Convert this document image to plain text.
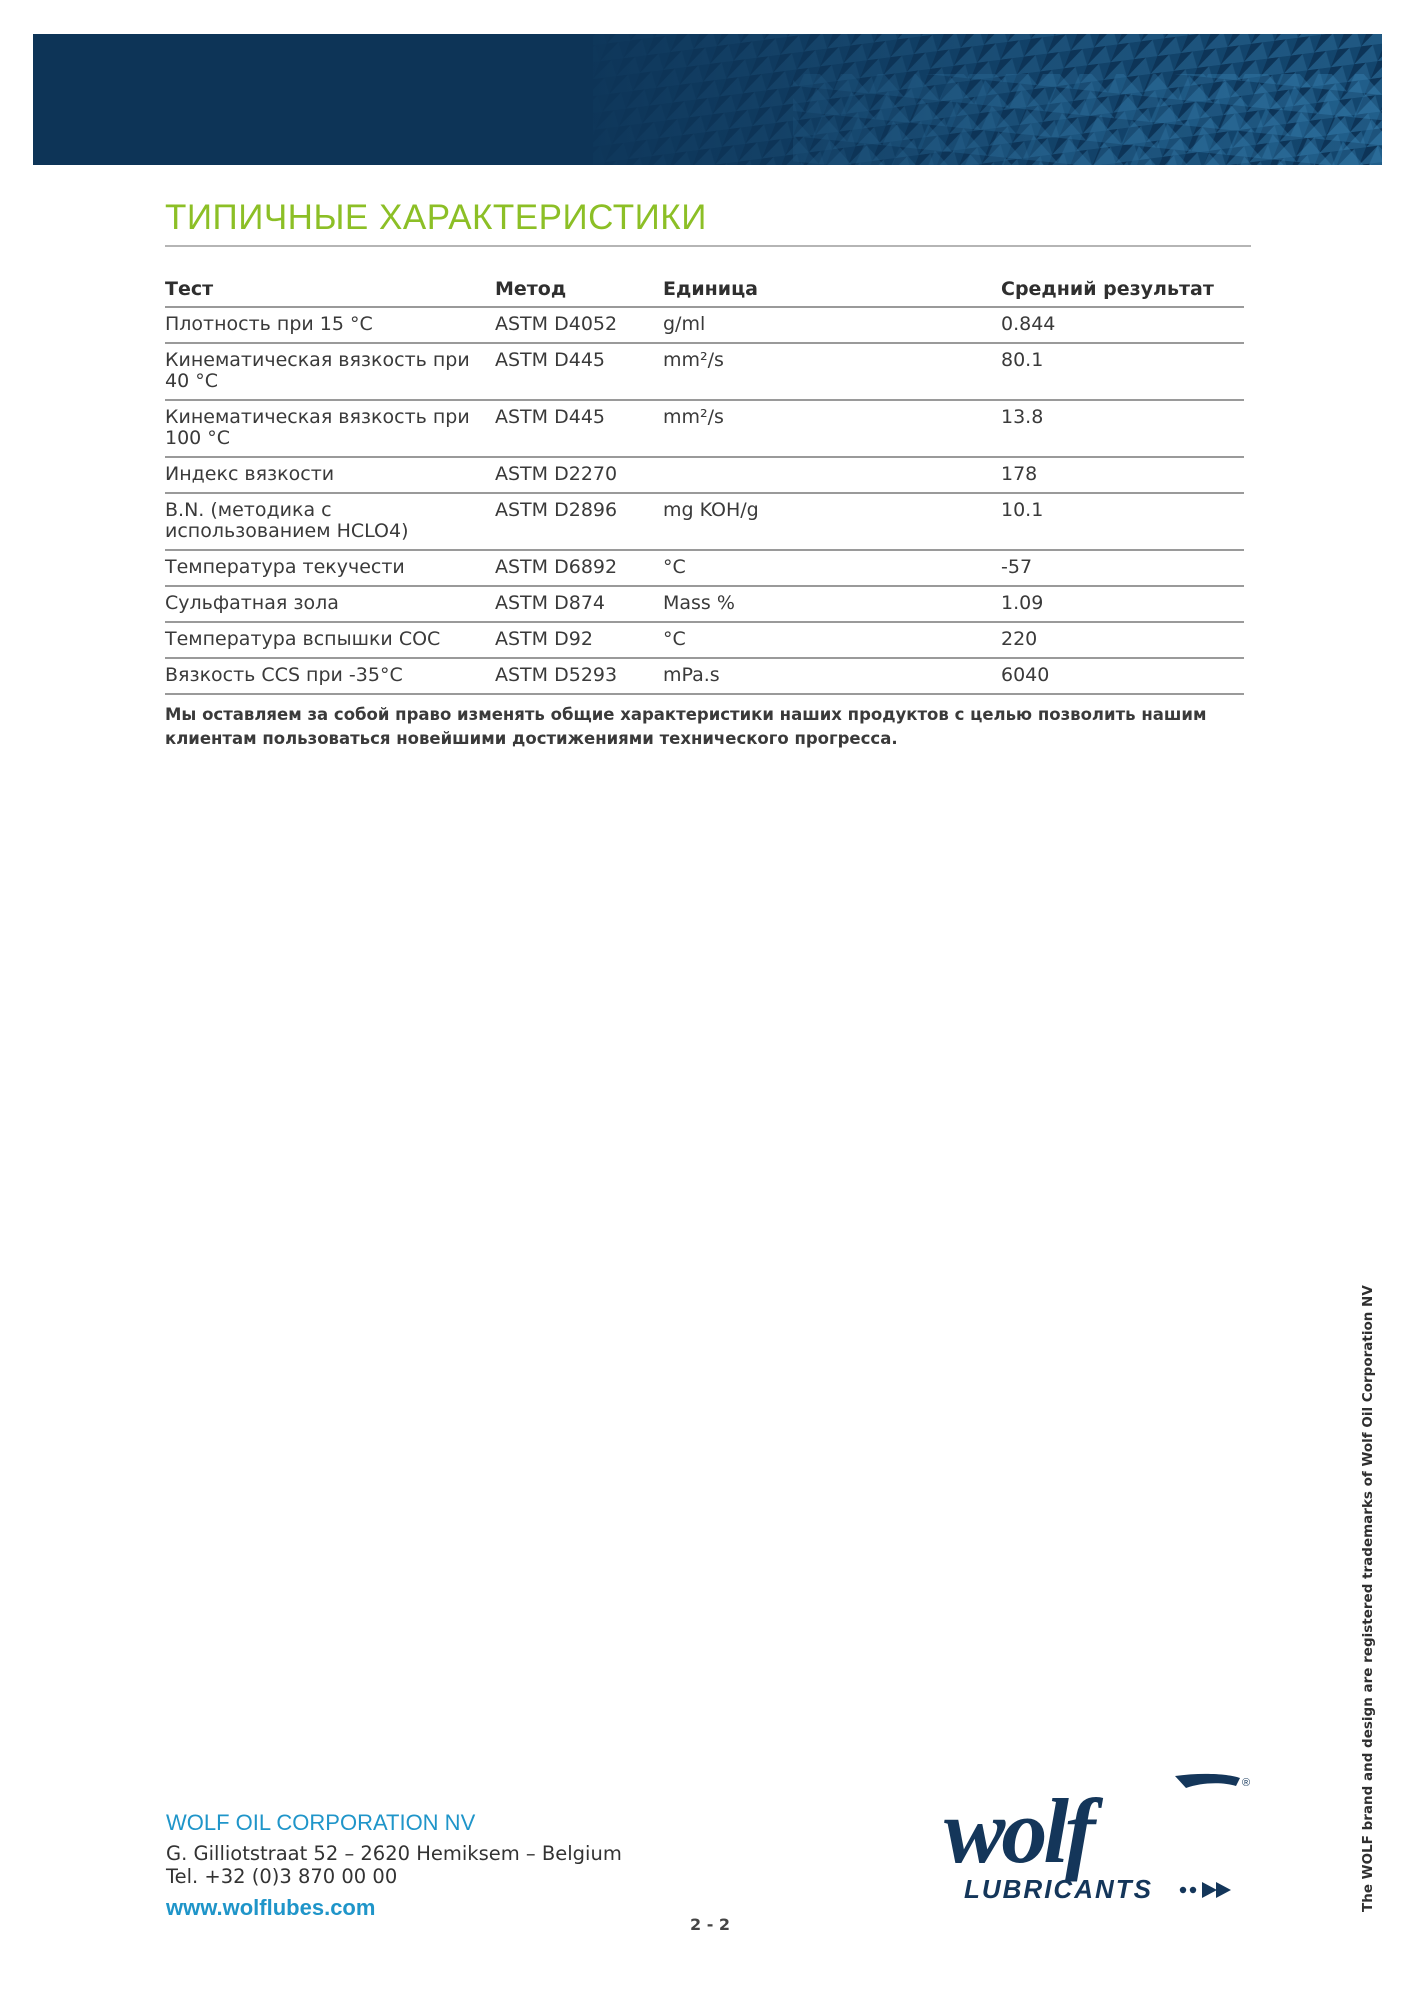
ТИПИЧНЫЕ ХАРАКТЕРИСТИКИ
Тест	Метод	Единица	Средний результат
Плотность при 15 °C	ASTM D4052	g/ml	0.844
Кинематическая вязкость при 40 °C	ASTM D445	mm²/s	80.1
Кинематическая вязкость при 100 °C	ASTM D445	mm²/s	13.8
Индекс вязкости	ASTM D2270		178
B.N. (методика с использованием HCLO4)	ASTM D2896	mg KOH/g	10.1
Температура текучести	ASTM D6892	°C	-57
Сульфатная зола	ASTM D874	Mass %	1.09
Температура вспышки COC	ASTM D92	°C	220
Вязкость CCS при -35°C	ASTM D5293	mPa.s	6040

Мы оставляем за собой право изменять общие характеристики наших продуктов с целью позволить нашим клиентам пользоваться новейшими достижениями технического прогресса.

WOLF OIL CORPORATION NV
G. Gilliotstraat 52 – 2620 Hemiksem – Belgium
Tel. +32 (0)3 870 00 00
www.wolflubes.com
2 - 2
wolf
LUBRICANTS
®	The WOLF brand and design are registered trademarks of Wolf Oil Corporation NV
